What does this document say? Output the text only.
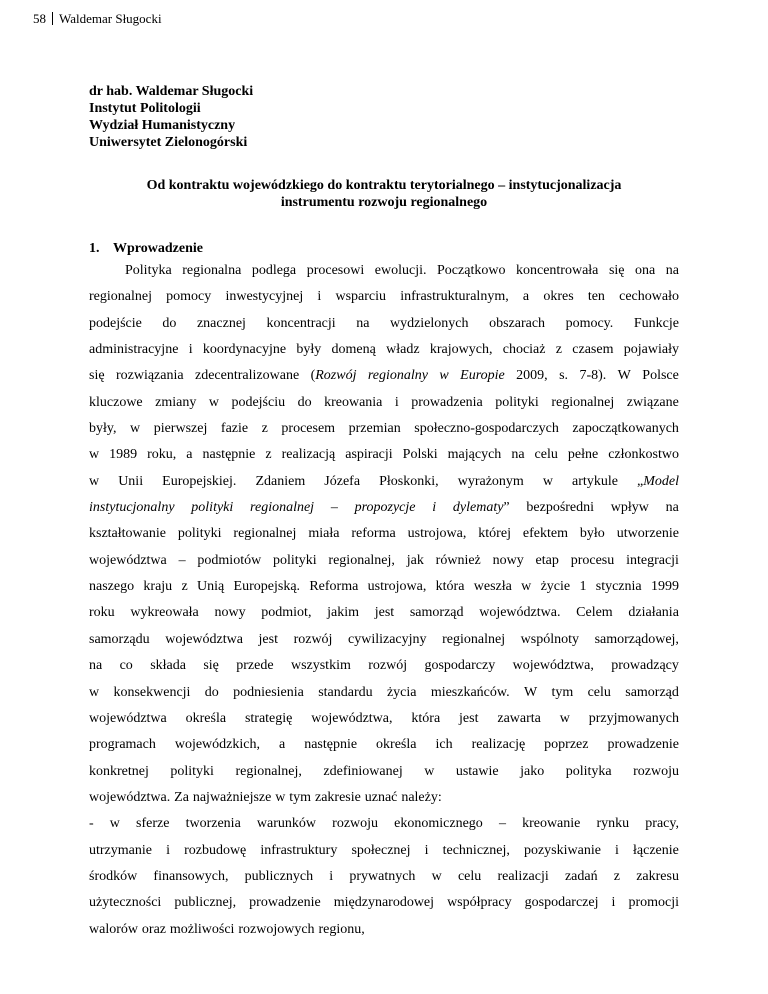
58 Waldemar Sługocki
dr hab. Waldemar Sługocki
Instytut Politologii
Wydział Humanistyczny
Uniwersytet Zielonogórski
Od kontraktu wojewódzkiego do kontraktu terytorialnego – instytucjonalizacja
instrumentu rozwoju regionalnego
1. Wprowadzenie
Polityka regionalna podlega procesowi ewolucji. Początkowo koncentrowała się ona na
regionalnej pomocy inwestycyjnej i wsparciu infrastrukturalnym, a okres ten cechowało
podejście do znacznej koncentracji na wydzielonych obszarach pomocy. Funkcje
administracyjne i koordynacyjne były domeną władz krajowych, chociaż z czasem pojawiały
się rozwiązania zdecentralizowane (Rozwój regionalny w Europie 2009, s. 7-8). W Polsce
kluczowe zmiany w podejściu do kreowania i prowadzenia polityki regionalnej związane
były, w pierwszej fazie z procesem przemian społeczno-gospodarczych zapoczątkowanych
w 1989 roku, a następnie z realizacją aspiracji Polski mających na celu pełne członkostwo
w Unii Europejskiej. Zdaniem Józefa Płoskonki, wyrażonym w artykule „Model
instytucjonalny polityki regionalnej – propozycje i dylematy” bezpośredni wpływ na
kształtowanie polityki regionalnej miała reforma ustrojowa, której efektem było utworzenie
województwa – podmiotów polityki regionalnej, jak również nowy etap procesu integracji
naszego kraju z Unią Europejską. Reforma ustrojowa, która weszła w życie 1 stycznia 1999
roku wykreowała nowy podmiot, jakim jest samorząd województwa. Celem działania
samorządu województwa jest rozwój cywilizacyjny regionalnej wspólnoty samorządowej,
na co składa się przede wszystkim rozwój gospodarczy województwa, prowadzący
w konsekwencji do podniesienia standardu życia mieszkańców. W tym celu samorząd
województwa określa strategię województwa, która jest zawarta w przyjmowanych
programach wojewódzkich, a następnie określa ich realizację poprzez prowadzenie
konkretnej polityki regionalnej, zdefiniowanej w ustawie jako polityka rozwoju
województwa. Za najważniejsze w tym zakresie uznać należy:
- w sferze tworzenia warunków rozwoju ekonomicznego – kreowanie rynku pracy,
utrzymanie i rozbudowę infrastruktury społecznej i technicznej, pozyskiwanie i łączenie
środków finansowych, publicznych i prywatnych w celu realizacji zadań z zakresu
użyteczności publicznej, prowadzenie międzynarodowej współpracy gospodarczej i promocji
walorów oraz możliwości rozwojowych regionu,
